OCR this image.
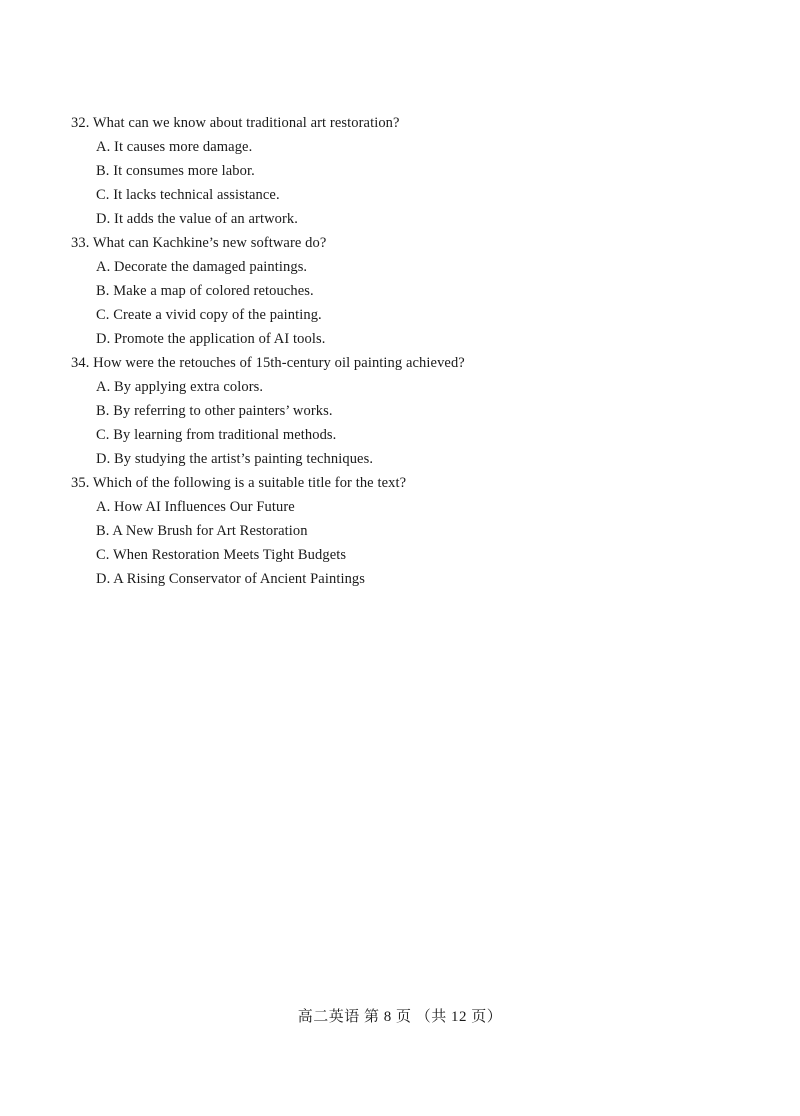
32. What can we know about traditional art restoration?
A. It causes more damage.
B. It consumes more labor.
C. It lacks technical assistance.
D. It adds the value of an artwork.
33. What can Kachkine’s new software do?
A. Decorate the damaged paintings.
B. Make a map of colored retouches.
C. Create a vivid copy of the painting.
D. Promote the application of AI tools.
34. How were the retouches of 15th-century oil painting achieved?
A. By applying extra colors.
B. By referring to other painters’ works.
C. By learning from traditional methods.
D. By studying the artist’s painting techniques.
35. Which of the following is a suitable title for the text?
A. How AI Influences Our Future
B. A New Brush for Art Restoration
C. When Restoration Meets Tight Budgets
D. A Rising Conservator of Ancient Paintings
高二英语 第 8 页 （共 12 页）
